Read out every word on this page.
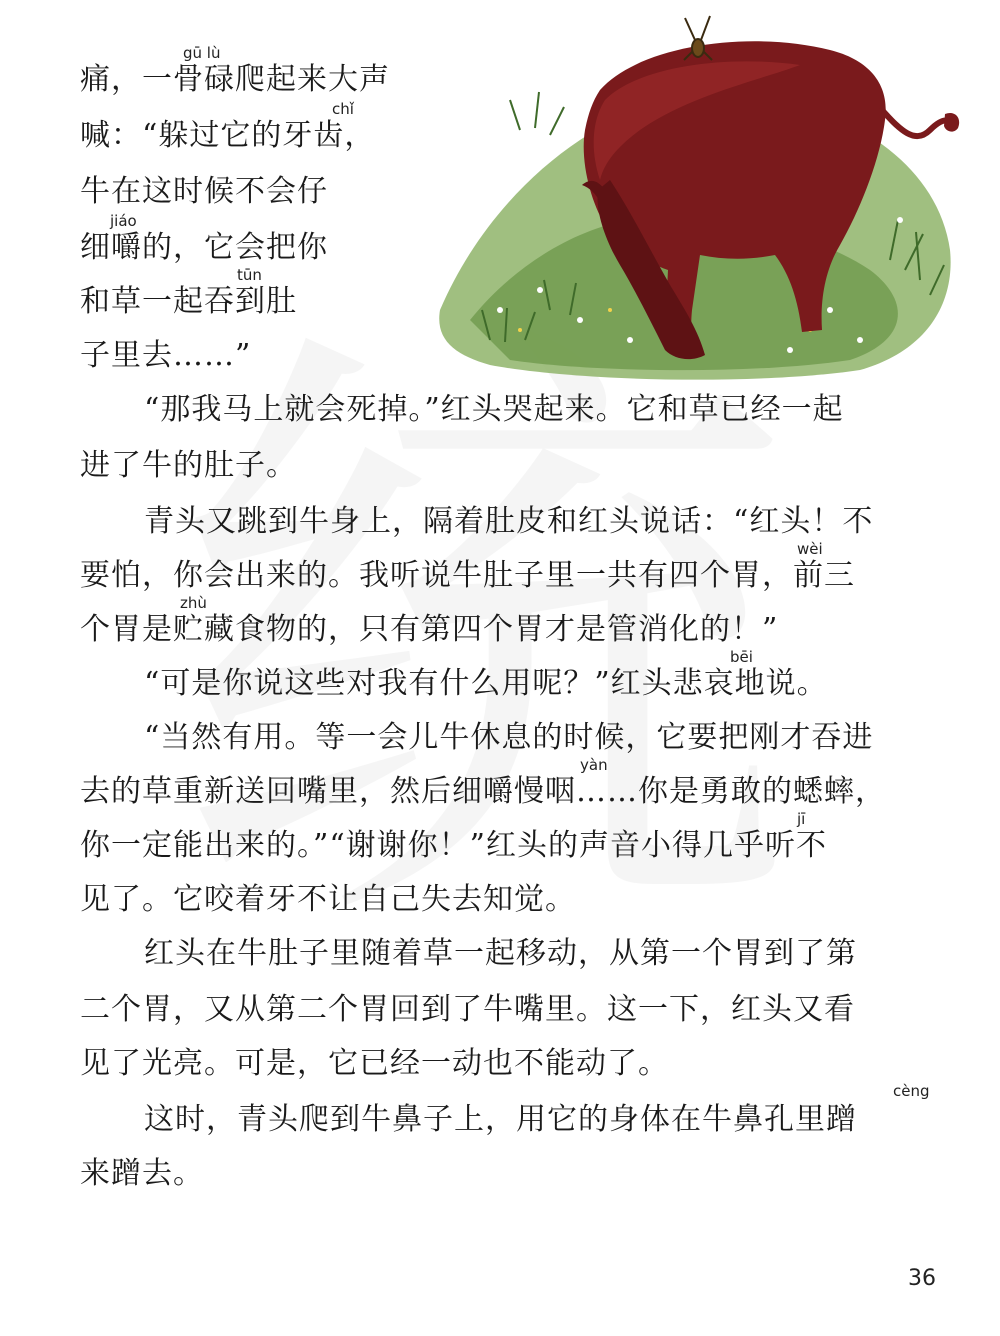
痛，一骨碌爬起来大声
gū lù
喊：“躲过它的牙齿，
chǐ
牛在这时候不会仔
细嚼的，它会把你
jiáo
和草一起吞到肚
tūn
子里去……”
“那我马上就会死掉。”红头哭起来。它和草已经一起
进了牛的肚子。
青头又跳到牛身上，隔着肚皮和红头说话：“红头！不
要怕，你会出来的。我听说牛肚子里一共有四个胃，前三
wèi
个胃是贮藏食物的，只有第四个胃才是管消化的！”
zhù
“可是你说这些对我有什么用呢？”红头悲哀地说。
bēi
“当然有用。等一会儿牛休息的时候，它要把刚才吞进
去的草重新送回嘴里，然后细嚼慢咽……你是勇敢的蟋蟀，
yàn
你一定能出来的。”“谢谢你！”红头的声音小得几乎听不
jī
见了。它咬着牙不让自己失去知觉。
红头在牛肚子里随着草一起移动，从第一个胃到了第
二个胃，又从第二个胃回到了牛嘴里。这一下，红头又看
见了光亮。可是，它已经一动也不能动了。
这时，青头爬到牛鼻子上，用它的身体在牛鼻孔里蹭
cèng
来蹭去。
36
